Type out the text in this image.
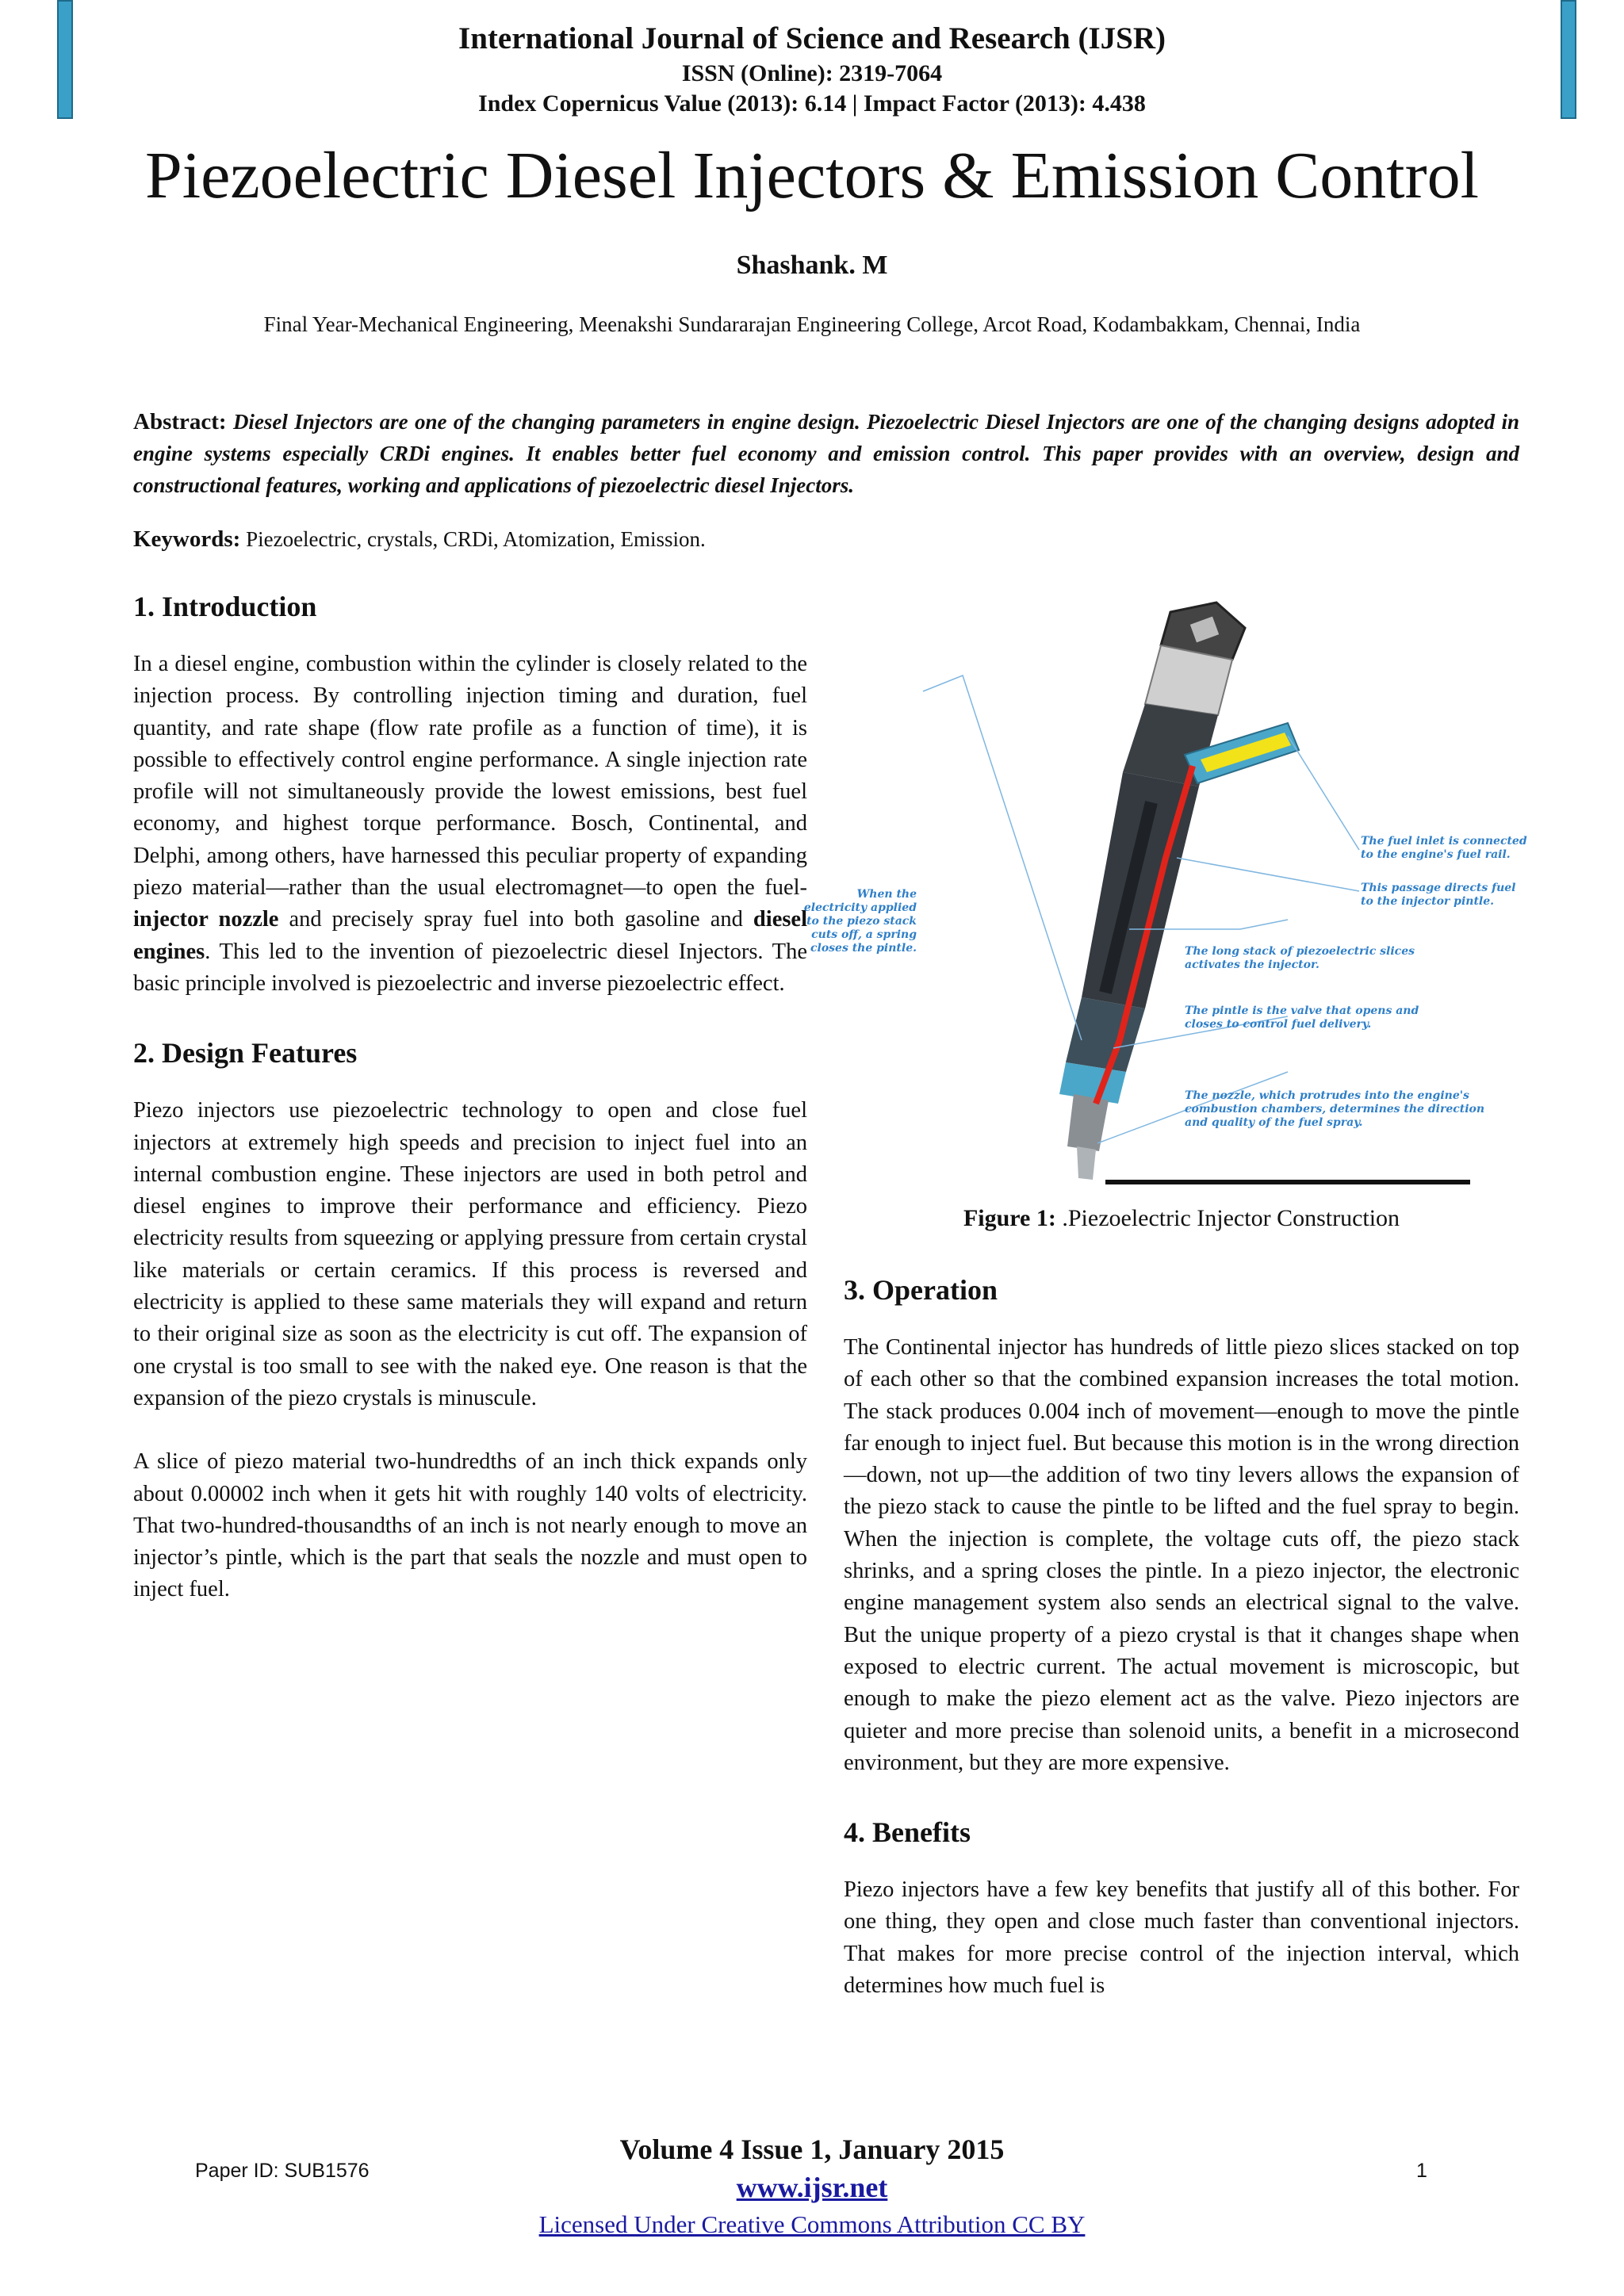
International Journal of Science and Research (IJSR)
ISSN (Online): 2319-7064
Index Copernicus Value (2013): 6.14 | Impact Factor (2013): 4.438
Piezoelectric Diesel Injectors & Emission Control
Shashank. M
Final Year-Mechanical Engineering, Meenakshi Sundararajan Engineering College, Arcot Road, Kodambakkam, Chennai, India
Abstract: Diesel Injectors are one of the changing parameters in engine design. Piezoelectric Diesel Injectors are one of the changing designs adopted in engine systems especially CRDi engines. It enables better fuel economy and emission control. This paper provides with an overview, design and constructional features, working and applications of piezoelectric diesel Injectors.
Keywords: Piezoelectric, crystals, CRDi, Atomization, Emission.
1. Introduction

In a diesel engine, combustion within the cylinder is closely related to the injection process. By controlling injection timing and duration, fuel quantity, and rate shape (flow rate profile as a function of time), it is possible to effectively control engine performance. A single injection rate profile will not simultaneously provide the lowest emissions, best fuel economy, and highest torque performance. Bosch, Continental, and Delphi, among others, have harnessed this peculiar property of expanding piezo material—rather than the usual electromagnet—to open the fuel-injector nozzle and precisely spray fuel into both gasoline and diesel engines. This led to the invention of piezoelectric diesel Injectors. The basic principle involved is piezoelectric and inverse piezoelectric effect.

2. Design Features

Piezo injectors use piezoelectric technology to open and close fuel injectors at extremely high speeds and precision to inject fuel into an internal combustion engine. These injectors are used in both petrol and diesel engines to improve their performance and efficiency. Piezo electricity results from squeezing or applying pressure from certain crystal like materials or certain ceramics. If this process is reversed and electricity is applied to these same materials they will expand and return to their original size as soon as the electricity is cut off. The expansion of one crystal is too small to see with the naked eye. One reason is that the expansion of the piezo crystals is minuscule.

A slice of piezo material two-hundredths of an inch thick expands only about 0.00002 inch when it gets hit with roughly 140 volts of electricity. That two-hundred-thousandths of an inch is not nearly enough to move an injector’s pintle, which is the part that seals the nozzle and must open to inject fuel.

The fuel inlet is connected
to the engine's fuel rail.
This passage directs fuel
to the injector pintle.
The long stack of piezoelectric slices
activates the injector.
The pintle is the valve that opens and
closes to control fuel delivery.
The nozzle, which protrudes into the engine's
combustion chambers, determines the direction
and quality of the fuel spray.
When the
electricity applied
to the piezo stack
cuts off, a spring
closes the pintle.
Figure 1: .Piezoelectric Injector Construction
3. Operation

The Continental injector has hundreds of little piezo slices stacked on top of each other so that the combined expansion increases the total motion. The stack produces 0.004 inch of movement—enough to move the pintle far enough to inject fuel. But because this motion is in the wrong direction—down, not up—the addition of two tiny levers allows the expansion of the piezo stack to cause the pintle to be lifted and the fuel spray to begin. When the injection is complete, the voltage cuts off, the piezo stack shrinks, and a spring closes the pintle. In a piezo injector, the electronic engine management system also sends an electrical signal to the valve. But the unique property of a piezo crystal is that it changes shape when exposed to electric current. The actual movement is microscopic, but enough to make the piezo element act as the valve. Piezo injectors are quieter and more precise than solenoid units, a benefit in a microsecond environment, but they are more expensive.

4. Benefits

Piezo injectors have a few key benefits that justify all of this bother. For one thing, they open and close much faster than conventional injectors. That makes for more precise control of the injection interval, which determines how much fuel is

Volume 4 Issue 1, January 2015
www.ijsr.net
Licensed Under Creative Commons Attribution CC BY
Paper ID: SUB1576	1
